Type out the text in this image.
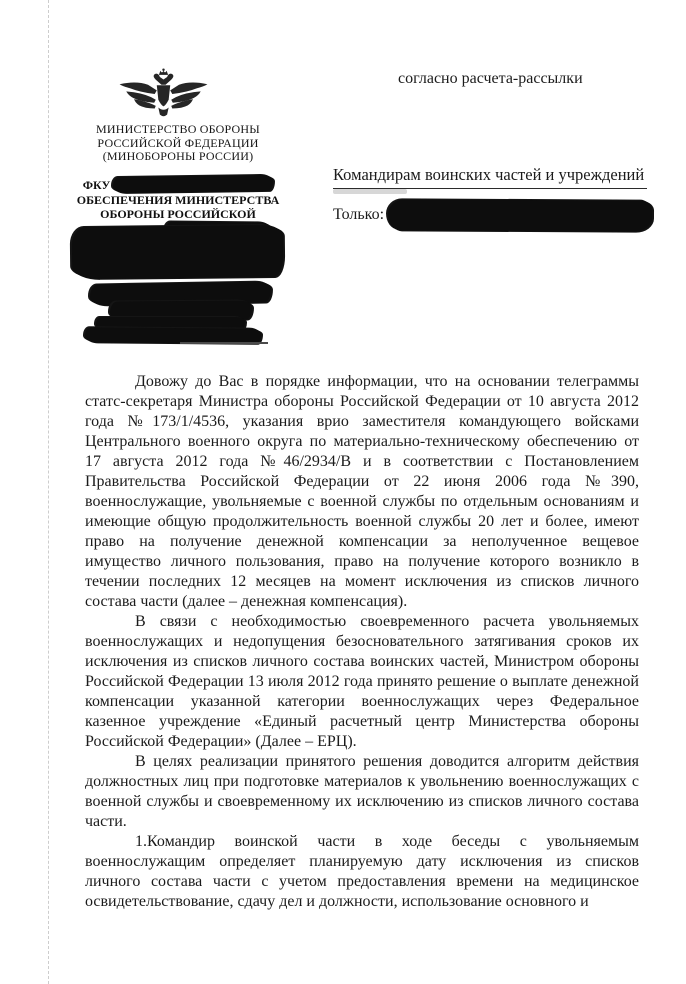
МИНИСТЕРСТВО ОБОРОНЫ
РОССИЙСКОЙ ФЕДЕРАЦИИ
(МИНОБОРОНЫ РОССИИ)
ФКУ
ОБЕСПЕЧЕНИЯ МИНИСТЕРСТВА
ОБОРОНЫ РОССИЙСКОЙ
согласно расчета-рассылки
Командирам воинских частей и учреждений
Только:

Довожу до Вас в порядке информации, что на основании телеграммы статс-секретаря Министра обороны Российской Федерации от 10 августа 2012 года №173/1/4536, указания врио заместителя командующего войсками Центрального военного округа по материально-техническому обеспечению от 17 августа 2012 года №46/2934/В и в соответствии с Постановлением Правительства Российской Федерации от 22 июня 2006 года №390, военнослужащие, увольняемые с военной службы по отдельным основаниям и имеющие общую продолжительность военной службы 20 лет и более, имеют право на получение денежной компенсации за неполученное вещевое имущество личного пользования, право на получение которого возникло в течении последних 12 месяцев на момент исключения из списков личного состава части (далее – денежная компенсация).

В связи с необходимостью своевременного расчета увольняемых военнослужащих и недопущения безосновательного затягивания сроков их исключения из списков личного состава воинских частей, Министром обороны Российской Федерации 13 июля 2012 года принято решение о выплате денежной компенсации указанной категории военнослужащих через Федеральное казенное учреждение «Единый расчетный центр Министерства обороны Российской Федерации» (Далее – ЕРЦ).

В целях реализации принятого решения доводится алгоритм действия должностных лиц при подготовке материалов к увольнению военнослужащих с военной службы и своевременному их исключению из списков личного состава части.

1.Командир воинской части в ходе беседы с увольняемым военнослужащим определяет планируемую дату исключения из списков личного состава части с учетом предоставления времени на медицинское освидетельствование, сдачу дел и должности, использование основного и
